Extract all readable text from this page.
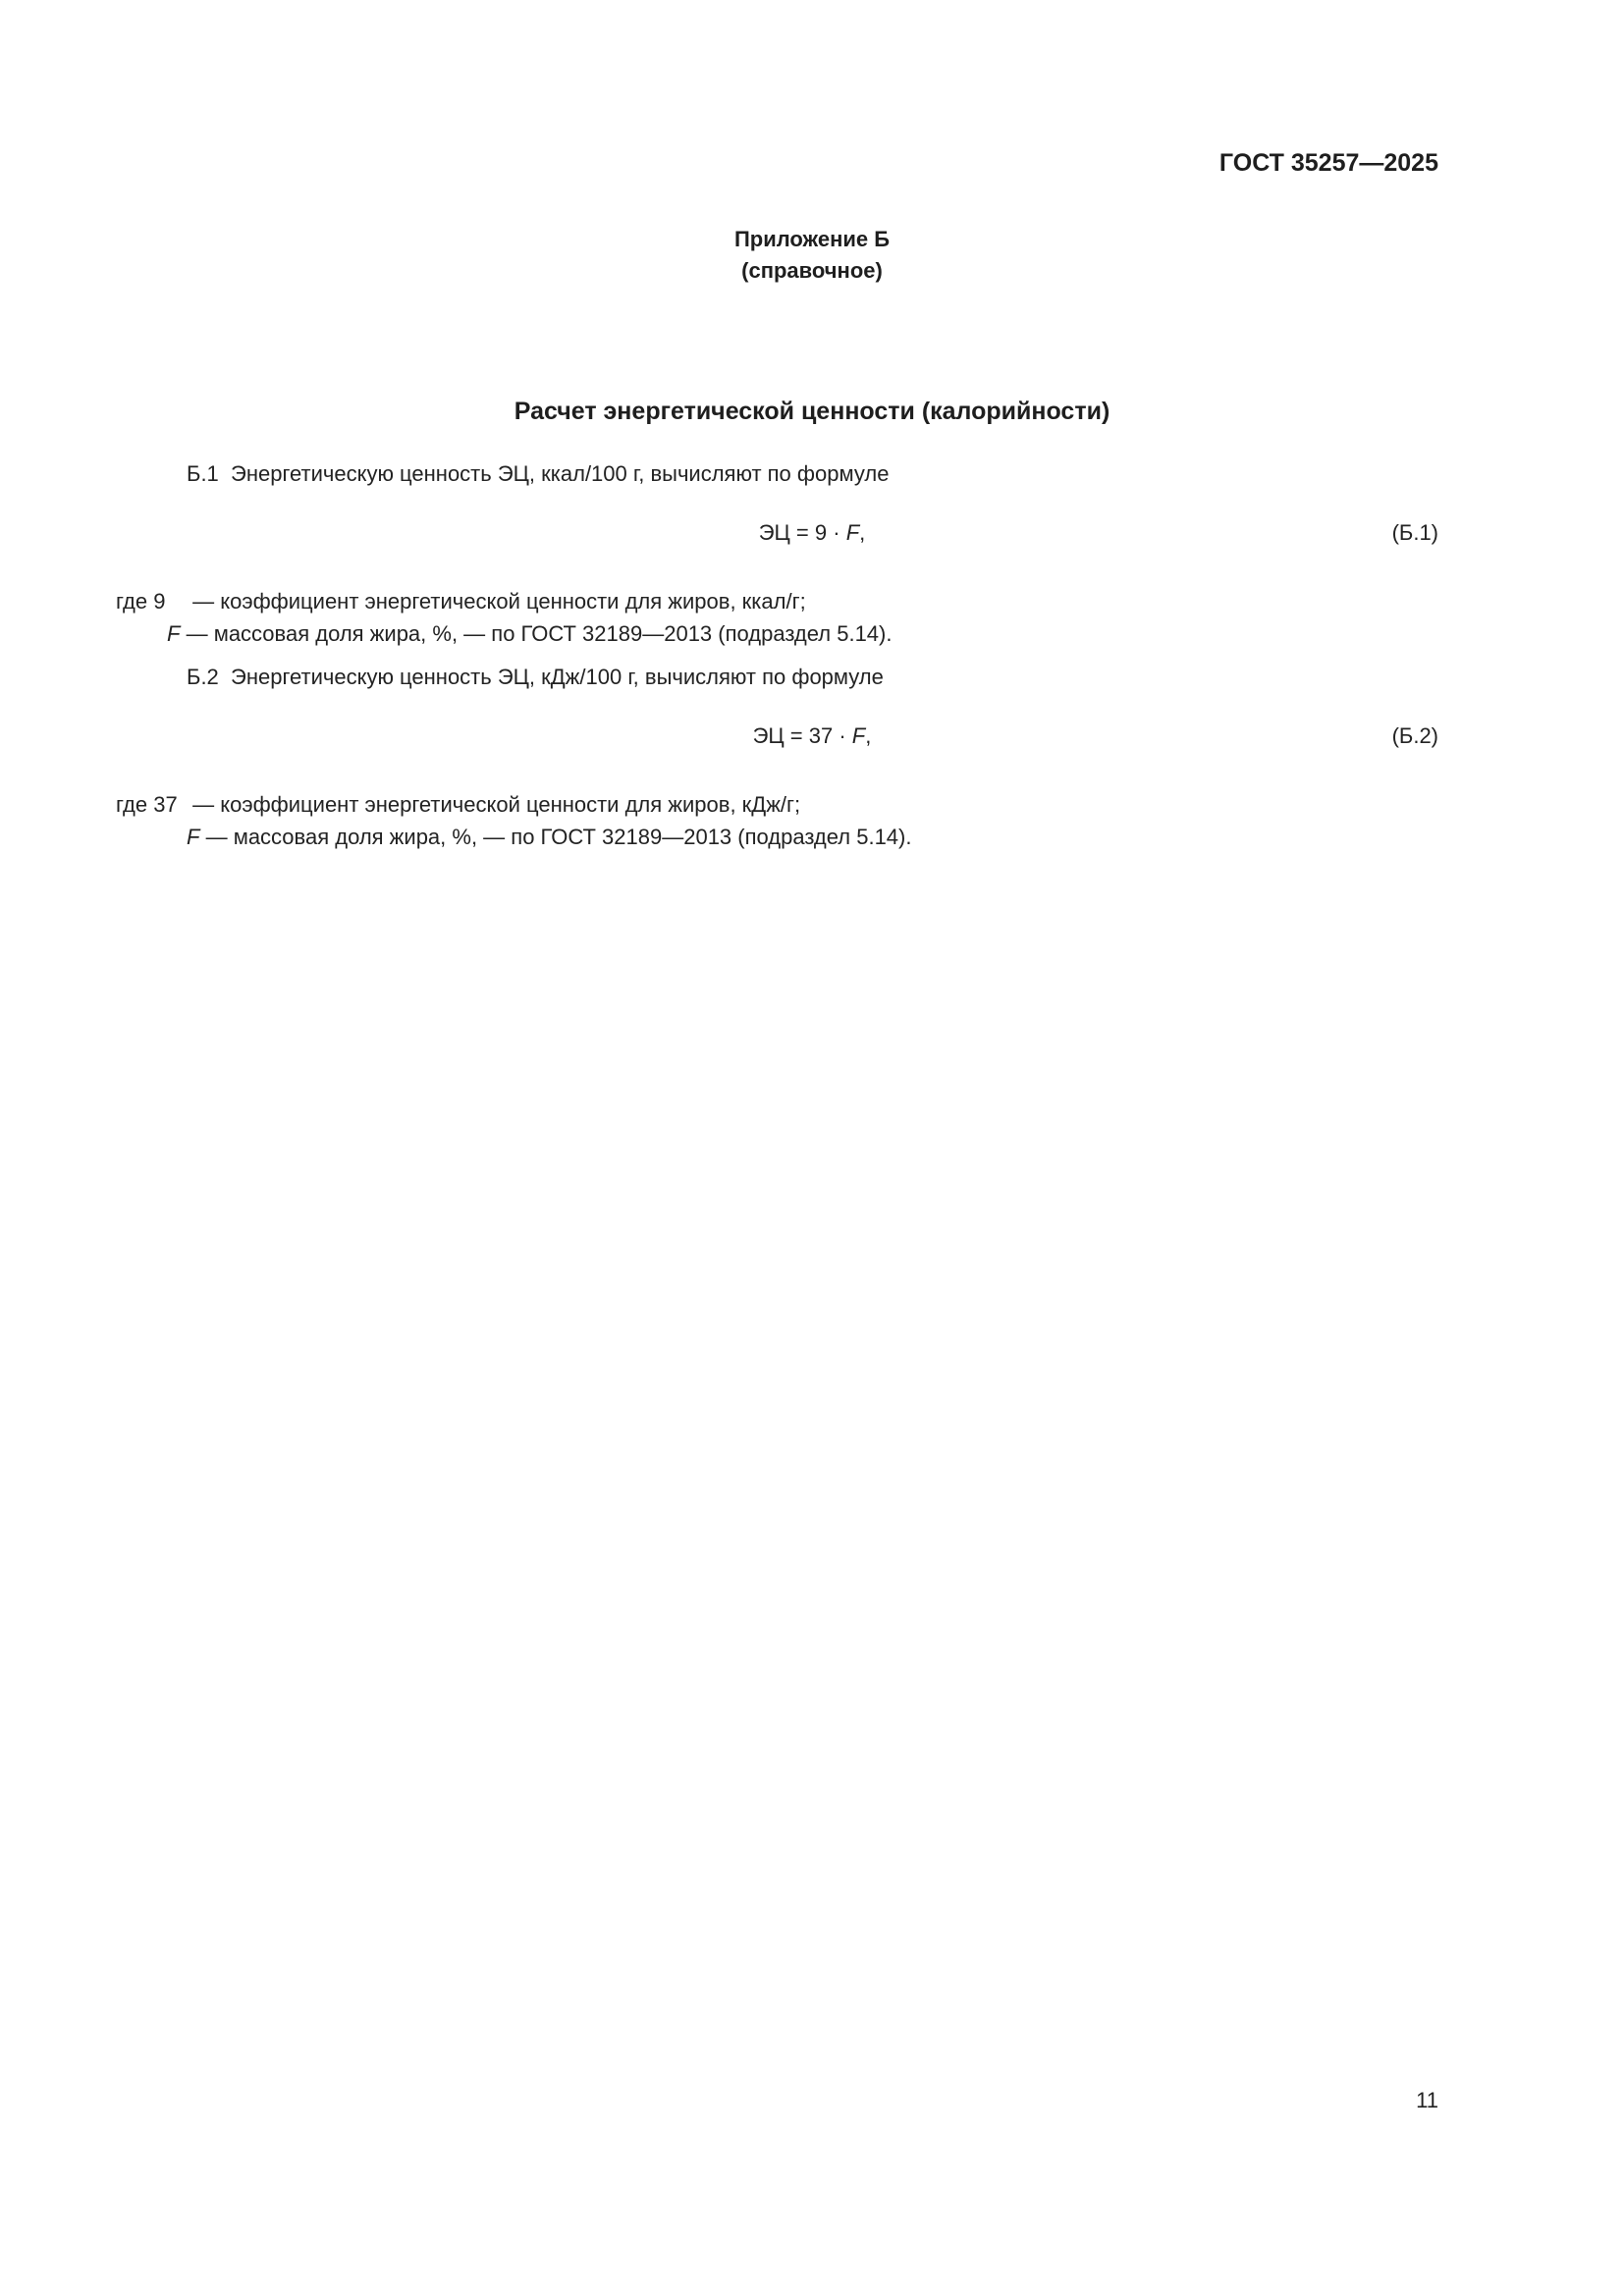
ГОСТ 35257—2025
Приложение Б
(справочное)
Расчет энергетической ценности (калорийности)
Б.1 Энергетическую ценность ЭЦ, ккал/100 г, вычисляют по формуле
ЭЦ = 9 · F,	(Б.1)
где 9 — коэффициент энергетической ценности для жиров, ккал/г;
F — массовая доля жира, %, — по ГОСТ 32189—2013 (подраздел 5.14).
Б.2 Энергетическую ценность ЭЦ, кДж/100 г, вычисляют по формуле
ЭЦ = 37 · F,	(Б.2)
где 37 — коэффициент энергетической ценности для жиров, кДж/г;
F — массовая доля жира, %, — по ГОСТ 32189—2013 (подраздел 5.14).
11
